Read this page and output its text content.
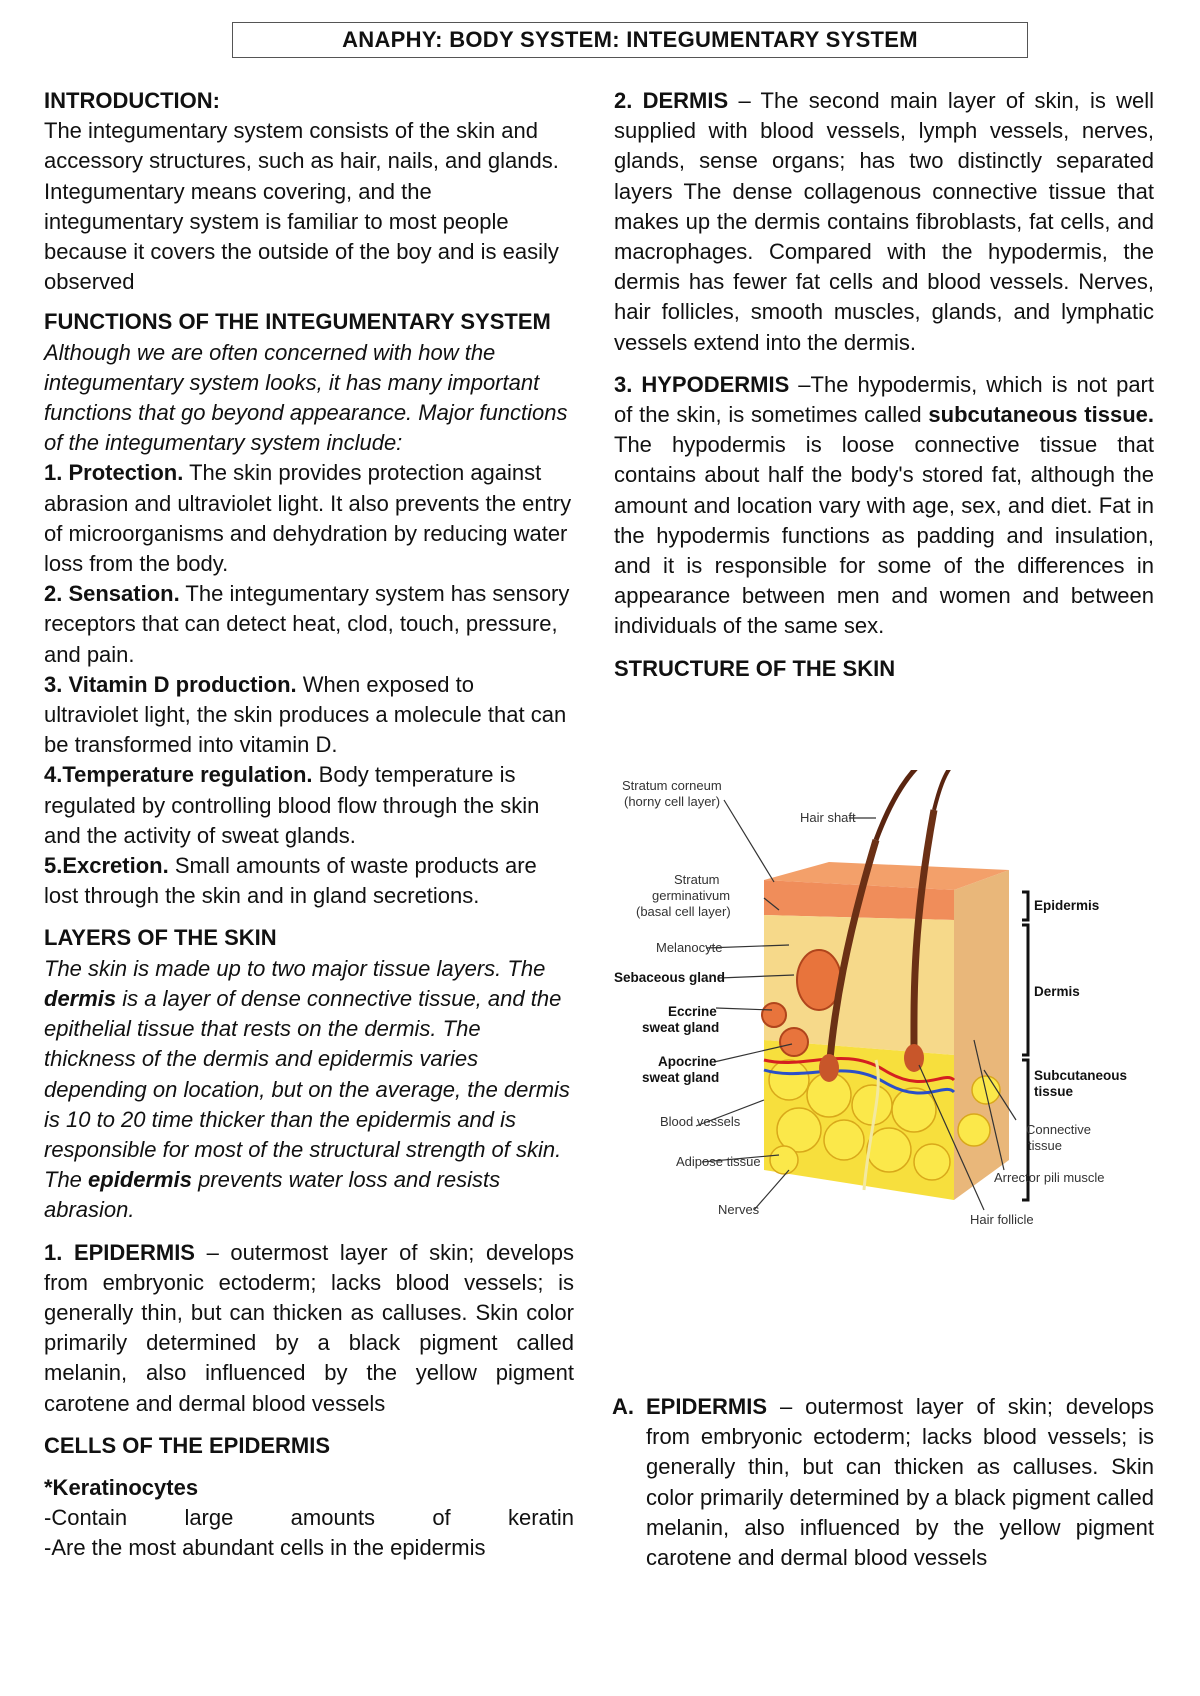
ANAPHY: BODY SYSTEM: INTEGUMENTARY SYSTEM

INTRODUCTION:

The integumentary system consists of the skin and accessory structures, such as hair, nails, and glands. Integumentary means covering, and the integumentary system is familiar to most people because it covers the outside of the boy and is easily observed

FUNCTIONS OF THE INTEGUMENTARY SYSTEM

Although we are often concerned with how the integumentary system looks, it has many important functions that go beyond appearance. Major functions of the integumentary system include:

1. Protection. The skin provides protection against abrasion and ultraviolet light. It also prevents the entry of microorganisms and dehydration by reducing water loss from the body.

2. Sensation. The integumentary system has sensory receptors that can detect heat, clod, touch, pressure, and pain.

3. Vitamin D production. When exposed to ultraviolet light, the skin produces a molecule that can be transformed into vitamin D.

4.Temperature regulation. Body temperature is regulated by controlling blood flow through the skin and the activity of sweat glands.

5.Excretion. Small amounts of waste products are lost through the skin and in gland secretions.

LAYERS OF THE SKIN

The skin is made up to two major tissue layers. The dermis is a layer of dense connective tissue, and the epithelial tissue that rests on the dermis. The thickness of the dermis and epidermis varies depending on location, but on the average, the dermis is 10 to 20 time thicker than the epidermis and is responsible for most of the structural strength of skin. The epidermis prevents water loss and resists abrasion.

1. EPIDERMIS – outermost layer of skin; develops from embryonic ectoderm; lacks blood vessels; is generally thin, but can thicken as calluses. Skin color primarily determined by a black pigment called melanin, also influenced by the yellow pigment carotene and dermal blood vessels

CELLS OF THE EPIDERMIS

*Keratinocytes

-Contain	large	amounts	of	keratin

-Are the most abundant cells in the epidermis

2. DERMIS – The second main layer of skin, is well supplied with blood vessels, lymph vessels, nerves, glands, sense organs; has two distinctly separated layers The dense collagenous connective tissue that makes up the dermis contains fibroblasts, fat cells, and macrophages. Compared with the hypodermis, the dermis has fewer fat cells and blood vessels. Nerves, hair follicles, smooth muscles, glands, and lymphatic vessels extend into the dermis.

3. HYPODERMIS –The hypodermis, which is not part of the skin, is sometimes called subcutaneous tissue. The hypodermis is loose connective tissue that contains about half the body's stored fat, although the amount and location vary with age, sex, and diet. Fat in the hypodermis functions as padding and insulation, and it is responsible for some of the differences in appearance between men and women and between individuals of the same sex.

STRUCTURE OF THE SKIN

Stratum corneum
(horny cell layer)
Hair shaft
Stratum
germinativum
(basal cell layer)
Melanocyte
Sebaceous gland
Eccrine
sweat gland
Apocrine
sweat gland
Blood vessels
Adipose tissue
Nerves
Hair follicle
Arrector pili muscle
Connective
tissue
Epidermis
Dermis
Subcutaneous
tissue
A. EPIDERMIS – outermost layer of skin; develops from embryonic ectoderm; lacks blood vessels; is generally thin, but can thicken as calluses. Skin color primarily determined by a black pigment called melanin, also influenced by the yellow pigment carotene and dermal blood vessels
